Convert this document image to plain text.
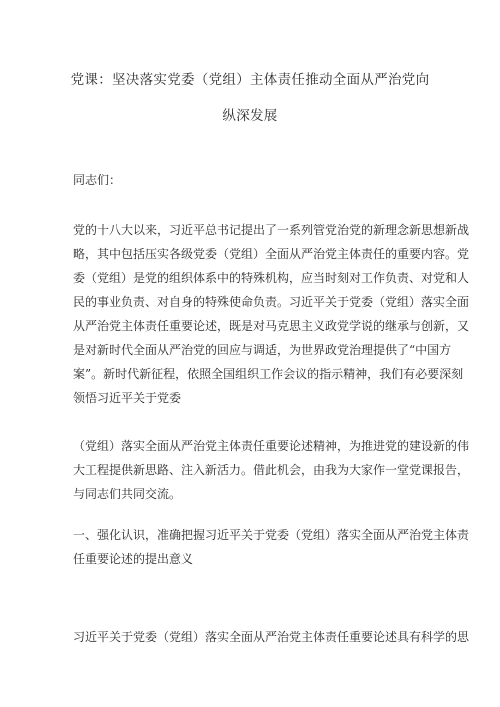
党课：坚决落实党委（党组）主体责任推动全面从严治党向
纵深发展
同志们：
党的十八大以来，习近平总书记提出了一系列管党治党的新理念新思想新战
略，其中包括压实各级党委（党组）全面从严治党主体责任的重要内容。党
委（党组）是党的组织体系中的特殊机构，应当时刻对工作负责、对党和人
民的事业负责、对自身的特殊使命负责。习近平关于党委（党组）落实全面
从严治党主体责任重要论述，既是对马克思主义政党学说的继承与创新，又
是对新时代全面从严治党的回应与调适，为世界政党治理提供了“中国方
案”。新时代新征程，依照全国组织工作会议的指示精神，我们有必要深刻
领悟习近平关于党委
（党组）落实全面从严治党主体责任重要论述精神，为推进党的建设新的伟
大工程提供新思路、注入新活力。借此机会，由我为大家作一堂党课报告，
与同志们共同交流。
一、强化认识，准确把握习近平关于党委（党组）落实全面从严治党主体责
任重要论述的提出意义
习近平关于党委（党组）落实全面从严治党主体责任重要论述具有科学的思
